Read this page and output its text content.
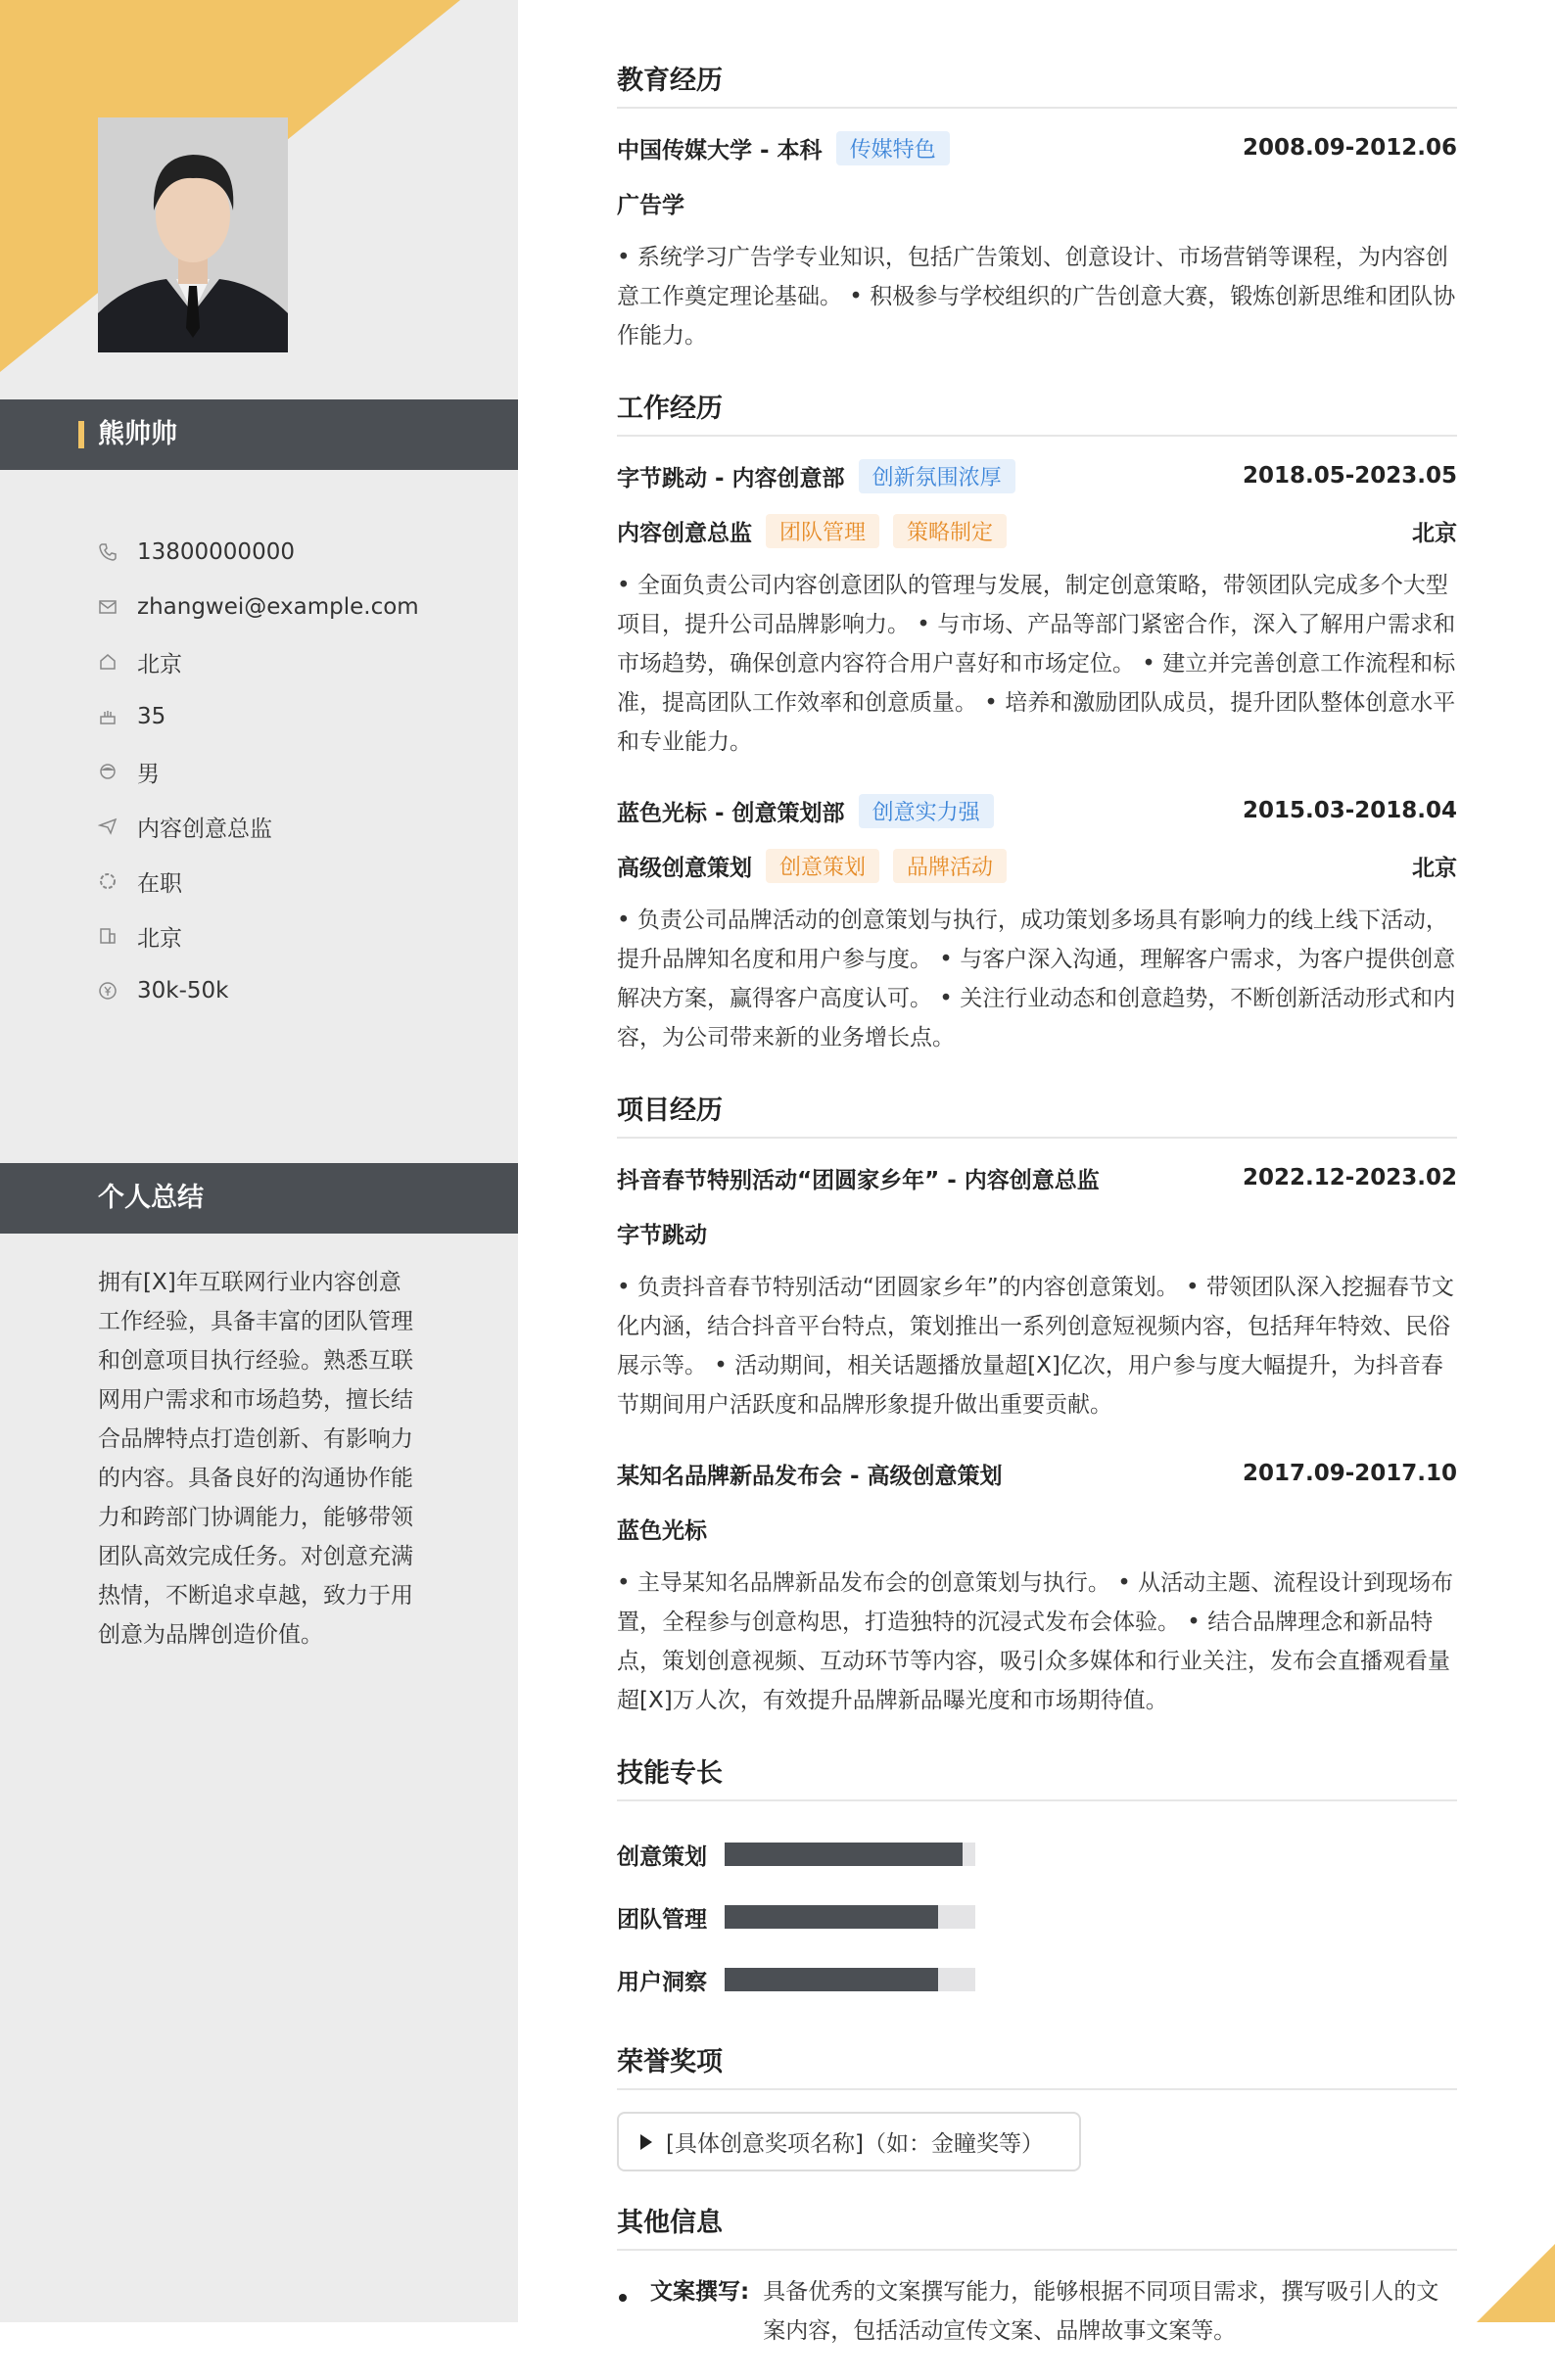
熊帅帅
13800000000
zhangwei@example.com
北京
35
男
内容创意总监
在职
北京
30k-50k
个人总结
拥有[X]年互联网行业内容创意工作经验，具备丰富的团队管理和创意项目执行经验。熟悉互联网用户需求和市场趋势，擅长结合品牌特点打造创新、有影响力的内容。具备良好的沟通协作能力和跨部门协调能力，能够带领团队高效完成任务。对创意充满热情，不断追求卓越，致力于用创意为品牌创造价值。
教育经历
中国传媒大学 - 本科	传媒特色	2008.09-2012.06
广告学
• 系统学习广告学专业知识，包括广告策划、创意设计、市场营销等课程，为内容创意工作奠定理论基础。 • 积极参与学校组织的广告创意大赛，锻炼创新思维和团队协作能力。
工作经历
字节跳动 - 内容创意部	创新氛围浓厚	2018.05-2023.05
内容创意总监	团队管理	策略制定	北京
• 全面负责公司内容创意团队的管理与发展，制定创意策略，带领团队完成多个大型项目，提升公司品牌影响力。 • 与市场、产品等部门紧密合作，深入了解用户需求和市场趋势，确保创意内容符合用户喜好和市场定位。 • 建立并完善创意工作流程和标准，提高团队工作效率和创意质量。 • 培养和激励团队成员，提升团队整体创意水平和专业能力。
蓝色光标 - 创意策划部	创意实力强	2015.03-2018.04
高级创意策划	创意策划	品牌活动	北京
• 负责公司品牌活动的创意策划与执行，成功策划多场具有影响力的线上线下活动，提升品牌知名度和用户参与度。 • 与客户深入沟通，理解客户需求，为客户提供创意解决方案，赢得客户高度认可。 • 关注行业动态和创意趋势，不断创新活动形式和内容，为公司带来新的业务增长点。
项目经历
抖音春节特别活动“团圆家乡年” - 内容创意总监	2022.12-2023.02
字节跳动
• 负责抖音春节特别活动“团圆家乡年”的内容创意策划。 • 带领团队深入挖掘春节文化内涵，结合抖音平台特点，策划推出一系列创意短视频内容，包括拜年特效、民俗展示等。 • 活动期间，相关话题播放量超[X]亿次，用户参与度大幅提升，为抖音春节期间用户活跃度和品牌形象提升做出重要贡献。
某知名品牌新品发布会 - 高级创意策划	2017.09-2017.10
蓝色光标
• 主导某知名品牌新品发布会的创意策划与执行。 • 从活动主题、流程设计到现场布置，全程参与创意构思，打造独特的沉浸式发布会体验。 • 结合品牌理念和新品特点，策划创意视频、互动环节等内容，吸引众多媒体和行业关注，发布会直播观看量超[X]万人次，有效提升品牌新品曝光度和市场期待值。
技能专长
创意策划
团队管理
用户洞察
荣誉奖项
[具体创意奖项名称]（如：金瞳奖等）
其他信息
文案撰写: 具备优秀的文案撰写能力，能够根据不同项目需求，撰写吸引人的文案内容，包括活动宣传文案、品牌故事文案等。
